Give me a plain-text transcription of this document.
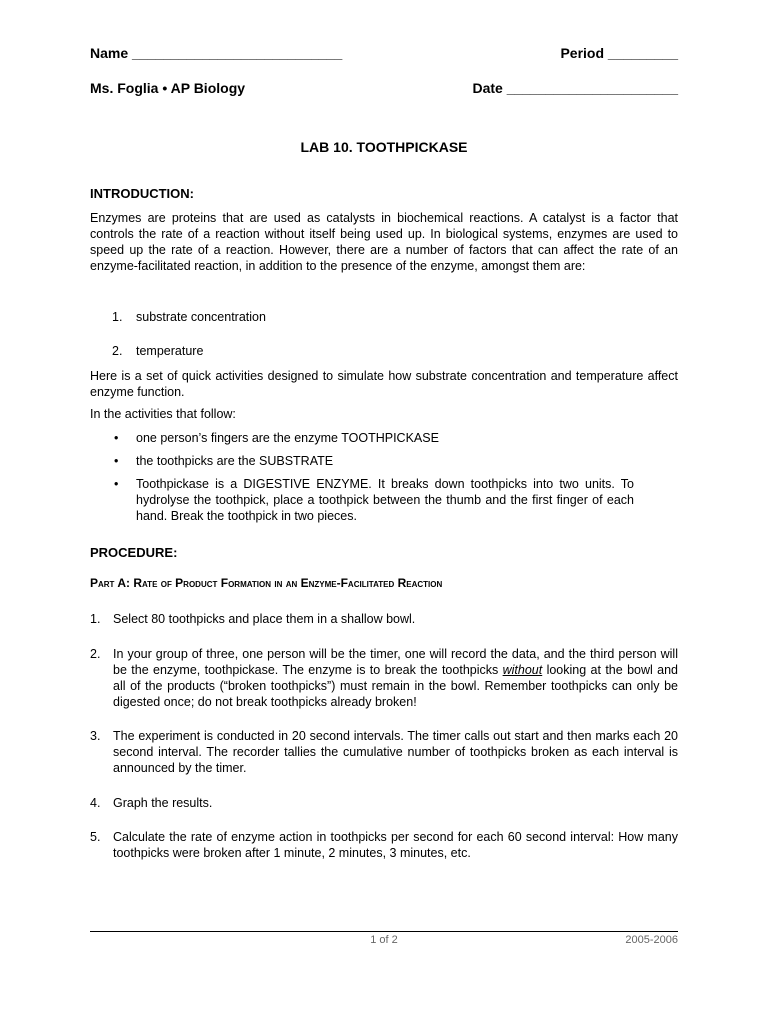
Name ___________________________	Period _________
Ms. Foglia • AP Biology	Date ______________________
LAB 10. TOOTHPICKASE
INTRODUCTION:
Enzymes are proteins that are used as catalysts in biochemical reactions. A catalyst is a factor that controls the rate of a reaction without itself being used up. In biological systems, enzymes are used to speed up the rate of a reaction. However, there are a number of factors that can affect the rate of an enzyme-facilitated reaction, in addition to the presence of the enzyme, amongst them are:
1. substrate concentration
2. temperature
Here is a set of quick activities designed to simulate how substrate concentration and temperature affect enzyme function.
In the activities that follow:
• one person’s fingers are the enzyme TOOTHPICKASE
• the toothpicks are the SUBSTRATE
• Toothpickase is a DIGESTIVE ENZYME. It breaks down toothpicks into two units. To hydrolyse the toothpick, place a toothpick between the thumb and the first finger of each hand. Break the toothpick in two pieces.
PROCEDURE:
Part A: Rate of Product Formation in an Enzyme-Facilitated Reaction
1. Select 80 toothpicks and place them in a shallow bowl.
2. In your group of three, one person will be the timer, one will record the data, and the third person will be the enzyme, toothpickase. The enzyme is to break the toothpicks without looking at the bowl and all of the products (“broken toothpicks”) must remain in the bowl. Remember toothpicks can only be digested once; do not break toothpicks already broken!
3. The experiment is conducted in 20 second intervals. The timer calls out start and then marks each 20 second interval. The recorder tallies the cumulative number of toothpicks broken as each interval is announced by the timer.
4. Graph the results.
5. Calculate the rate of enzyme action in toothpicks per second for each 60 second interval: How many toothpicks were broken after 1 minute, 2 minutes, 3 minutes, etc.
1 of 2	2005-2006
